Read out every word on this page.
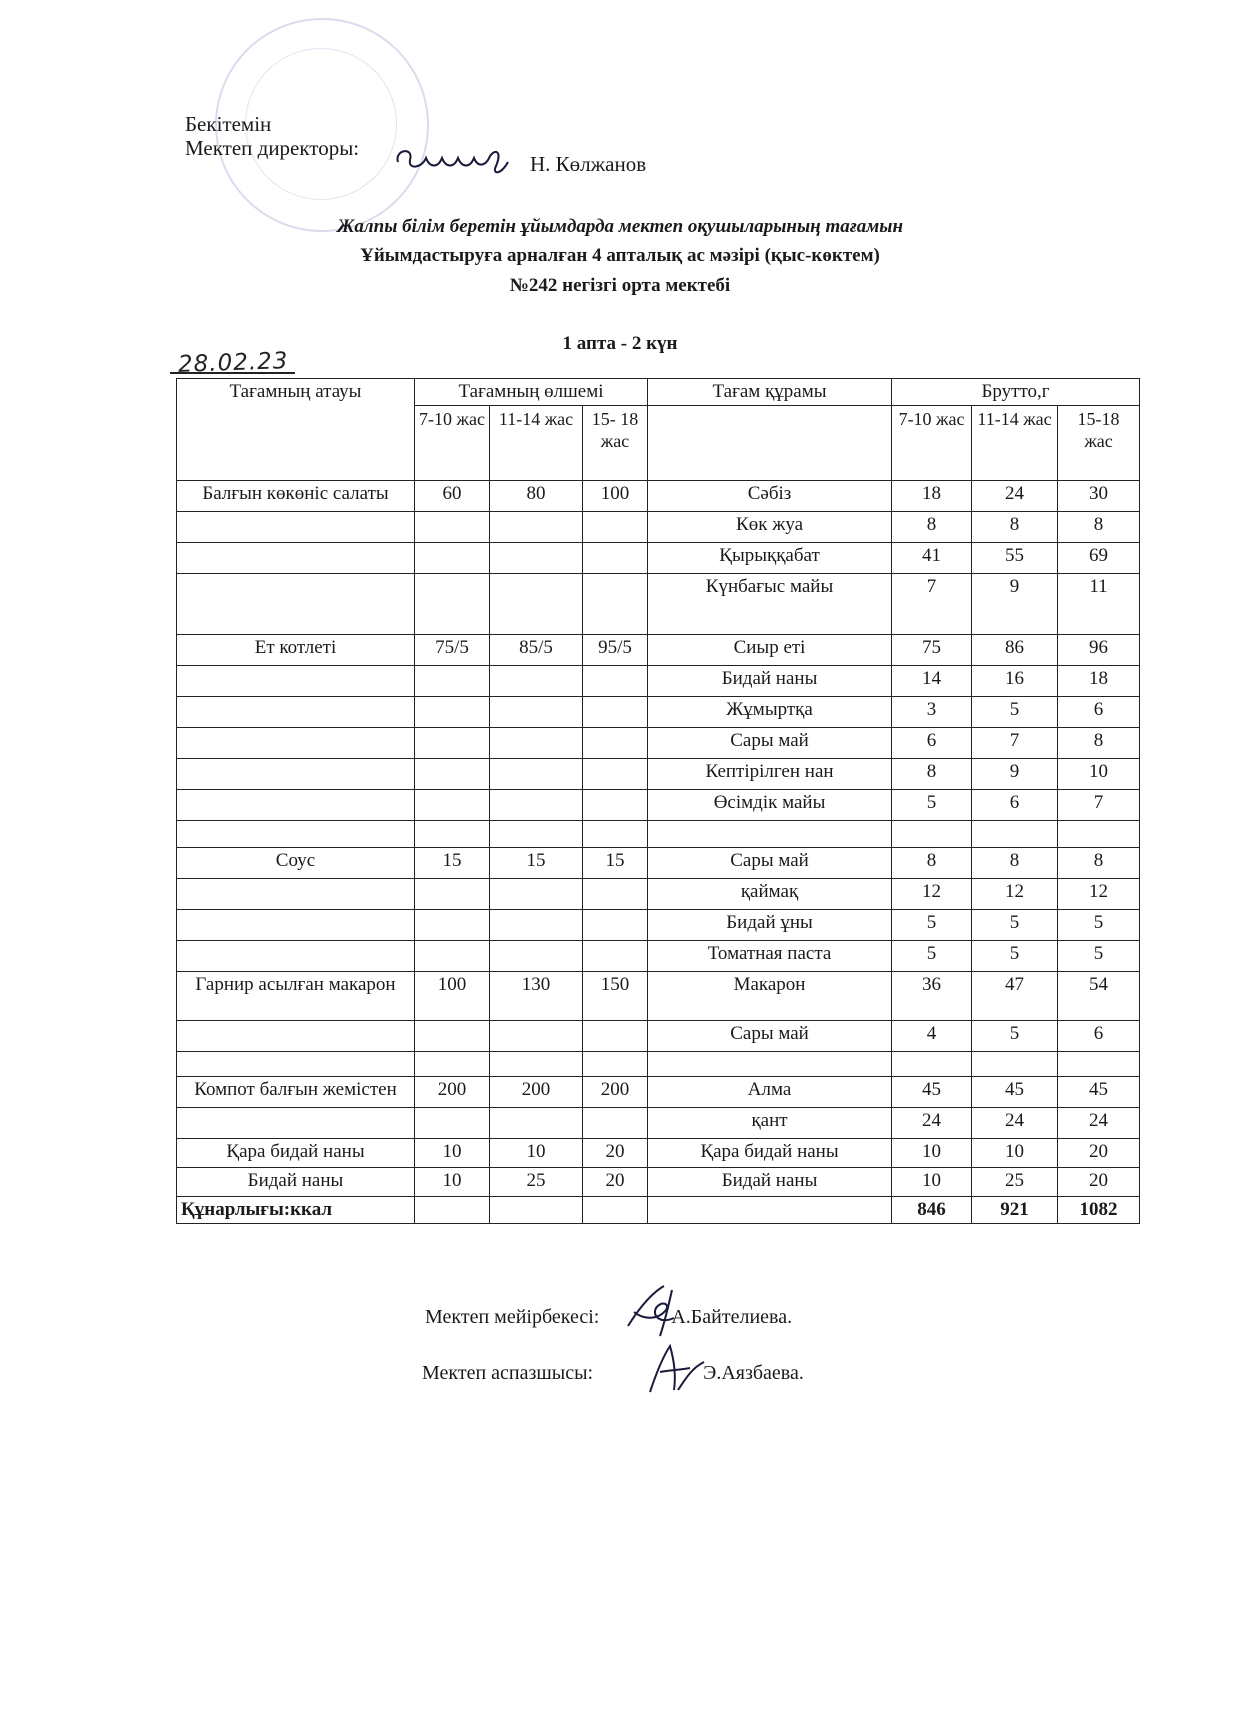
Бекітемін
Мектеп директоры:
Н. Көлжанов
Жалпы білім беретін ұйымдарда мектеп оқушыларының тағамын
Ұйымдастыруға арналған 4 апталық ас мәзірі (қыс-көктем)
№242 негізгі орта мектебі
1 апта - 2 күн
28.02.23
Тағамның атауы	Тағамның өлшемі			Тағам құрамы	Брутто,г		
	7-10 жас	11-14 жас	15- 18 жас		7-10 жас	11-14 жас	15-18 жас
Балғын көкөніс салаты	60	80	100	Сәбіз	18	24	30
				Көк жуа	8	8	8
				Қырыққабат	41	55	69
				Күнбағыс майы	7	9	11
Ет котлеті	75/5	85/5	95/5	Сиыр еті	75	86	96
				Бидай наны	14	16	18
				Жұмыртқа	3	5	6
				Сары май	6	7	8
				Кептірілген нан	8	9	10
				Өсімдік майы	5	6	7

Соус	15	15	15	Сары май	8	8	8
				қаймақ	12	12	12
				Бидай ұны	5	5	5
				Томатная паста	5	5	5
Гарнир асылған макарон	100	130	150	Макарон	36	47	54
				Сары май	4	5	6

Компот балғын жемістен	200	200	200	Алма	45	45	45
				қант	24	24	24
Қара бидай наны	10	10	20	Қара бидай наны	10	10	20
Бидай наны	10	25	20	Бидай наны	10	25	20
Құнарлығы:ккал					846	921	1082
Мектеп мейірбекесі:	А.Байтелиева.
Мектеп аспазшысы:	Э.Аязбаева.
